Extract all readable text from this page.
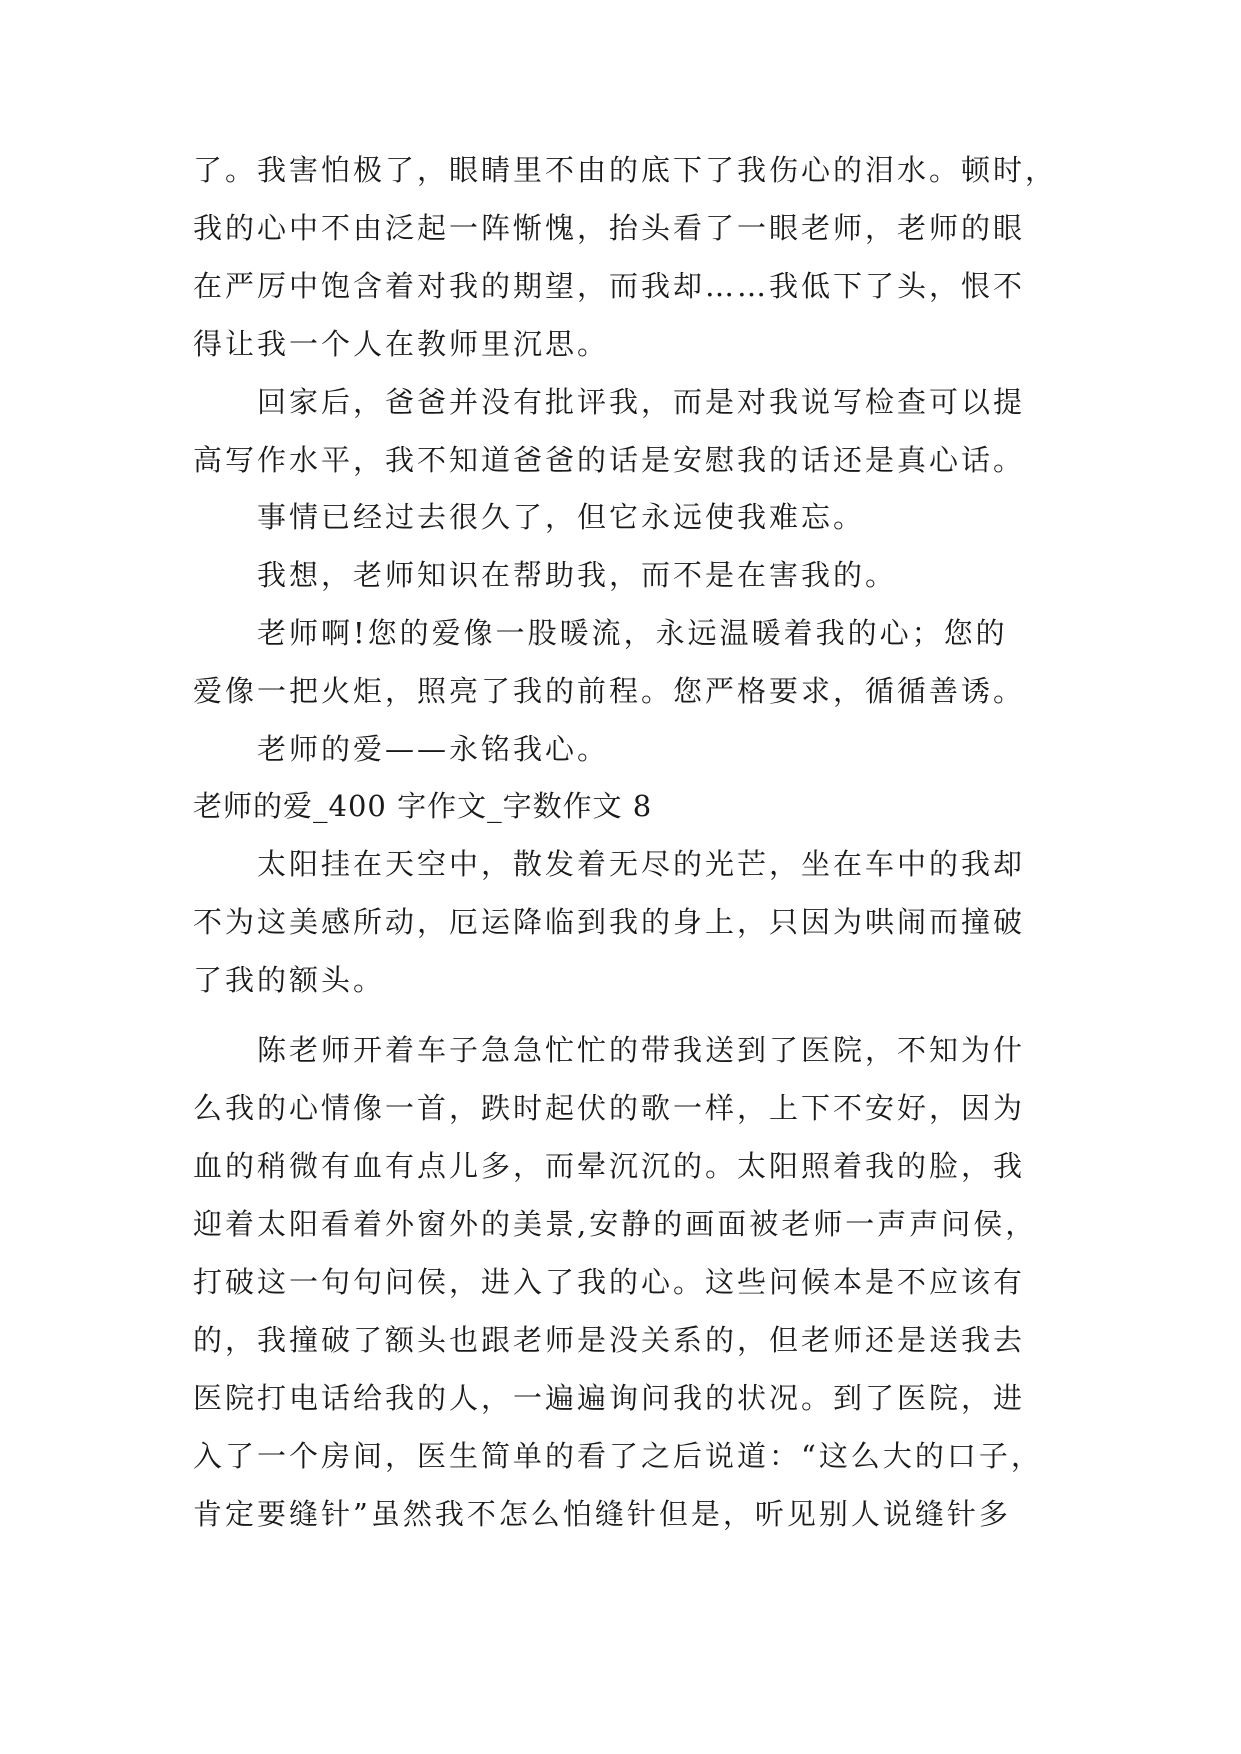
了。我害怕极了，眼睛里不由的底下了我伤心的泪水。顿时，
我的心中不由泛起一阵惭愧，抬头看了一眼老师，老师的眼
在严厉中饱含着对我的期望，而我却……我低下了头，恨不
得让我一个人在教师里沉思。
回家后，爸爸并没有批评我，而是对我说写检查可以提
高写作水平，我不知道爸爸的话是安慰我的话还是真心话。
事情已经过去很久了，但它永远使我难忘。
我想，老师知识在帮助我，而不是在害我的。
老师啊!您的爱像一股暖流，永远温暖着我的心；您的
爱像一把火炬，照亮了我的前程。您严格要求，循循善诱。
老师的爱——永铭我心。
老师的爱_400 字作文_字数作文 8
太阳挂在天空中，散发着无尽的光芒，坐在车中的我却
不为这美感所动，厄运降临到我的身上，只因为哄闹而撞破
了我的额头。
陈老师开着车子急急忙忙的带我送到了医院，不知为什
么我的心情像一首，跌时起伏的歌一样，上下不安好，因为
血的稍微有血有点儿多，而晕沉沉的。太阳照着我的脸，我
迎着太阳看着外窗外的美景,安静的画面被老师一声声问侯，
打破这一句句问侯，进入了我的心。这些问候本是不应该有
的，我撞破了额头也跟老师是没关系的，但老师还是送我去
医院打电话给我的人，一遍遍询问我的状况。到了医院，进
入了一个房间，医生简单的看了之后说道：“这么大的口子，
肯定要缝针”虽然我不怎么怕缝针但是，听见别人说缝针多
